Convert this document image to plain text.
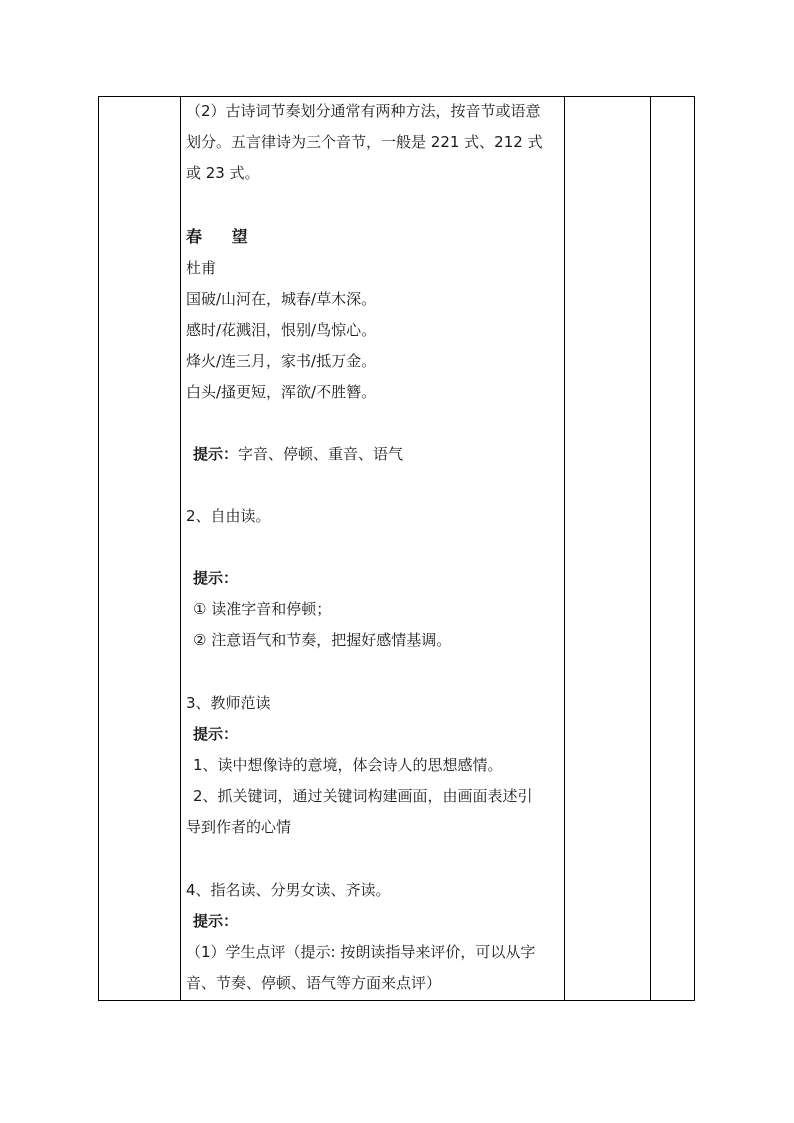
（2）古诗词节奏划分通常有两种方法，按音节或语意
划分。五言律诗为三个音节，一般是 221 式、212 式
或 23 式。
春 望
杜甫
国破/山河在，城春/草木深。
感时/花溅泪，恨别/鸟惊心。
烽火/连三月，家书/抵万金。
白头/搔更短，浑欲/不胜簪。
提示：字音、停顿、重音、语气
2、自由读。
提示：
① 读准字音和停顿；
② 注意语气和节奏，把握好感情基调。
3、教师范读
提示：
1、读中想像诗的意境，体会诗人的思想感情。
2、抓关键词，通过关键词构建画面，由画面表述引
导到作者的心情
4、指名读、分男女读、齐读。
提示：
（1）学生点评（提示: 按朗读指导来评价，可以从字
音、节奏、停顿、语气等方面来点评）
